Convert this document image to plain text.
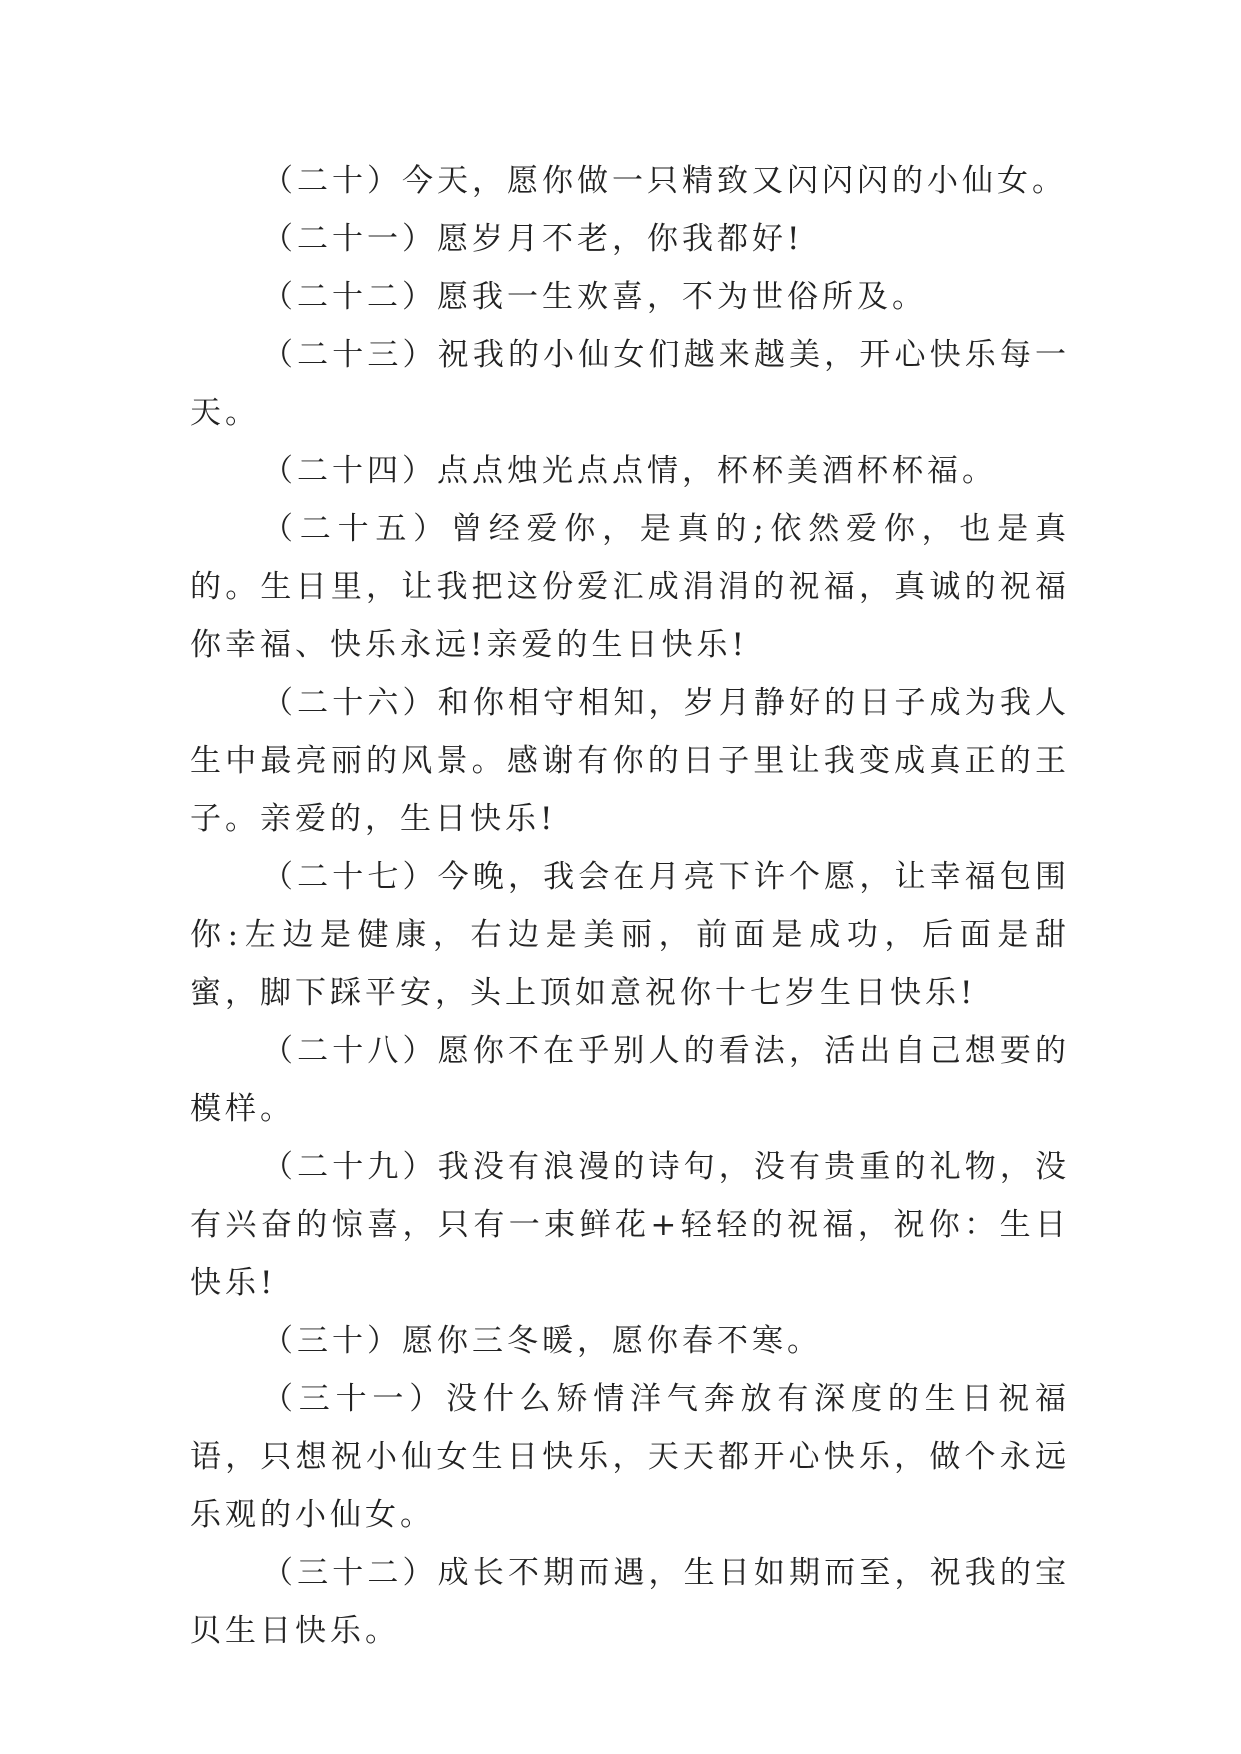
（二十）今天，愿你做一只精致又闪闪闪的小仙女。

（二十一）愿岁月不老，你我都好!

（二十二）愿我一生欢喜，不为世俗所及。

（二十三）祝我的小仙女们越来越美，开心快乐每一天。

（二十四）点点烛光点点情，杯杯美酒杯杯福。

（二十五）曾经爱你，是真的;依然爱你，也是真的。生日里，让我把这份爱汇成涓涓的祝福，真诚的祝福你幸福、快乐永远!亲爱的生日快乐!

（二十六）和你相守相知，岁月静好的日子成为我人生中最亮丽的风景。感谢有你的日子里让我变成真正的王子。亲爱的，生日快乐!

（二十七）今晚，我会在月亮下许个愿，让幸福包围你:左边是健康，右边是美丽，前面是成功，后面是甜蜜，脚下踩平安，头上顶如意祝你十七岁生日快乐!

（二十八）愿你不在乎别人的看法，活出自己想要的模样。

（二十九）我没有浪漫的诗句，没有贵重的礼物，没有兴奋的惊喜，只有一束鲜花+轻轻的祝福，祝你：生日快乐!

（三十）愿你三冬暖，愿你春不寒。

（三十一）没什么矫情洋气奔放有深度的生日祝福语，只想祝小仙女生日快乐，天天都开心快乐，做个永远乐观的小仙女。

（三十二）成长不期而遇，生日如期而至，祝我的宝贝生日快乐。
